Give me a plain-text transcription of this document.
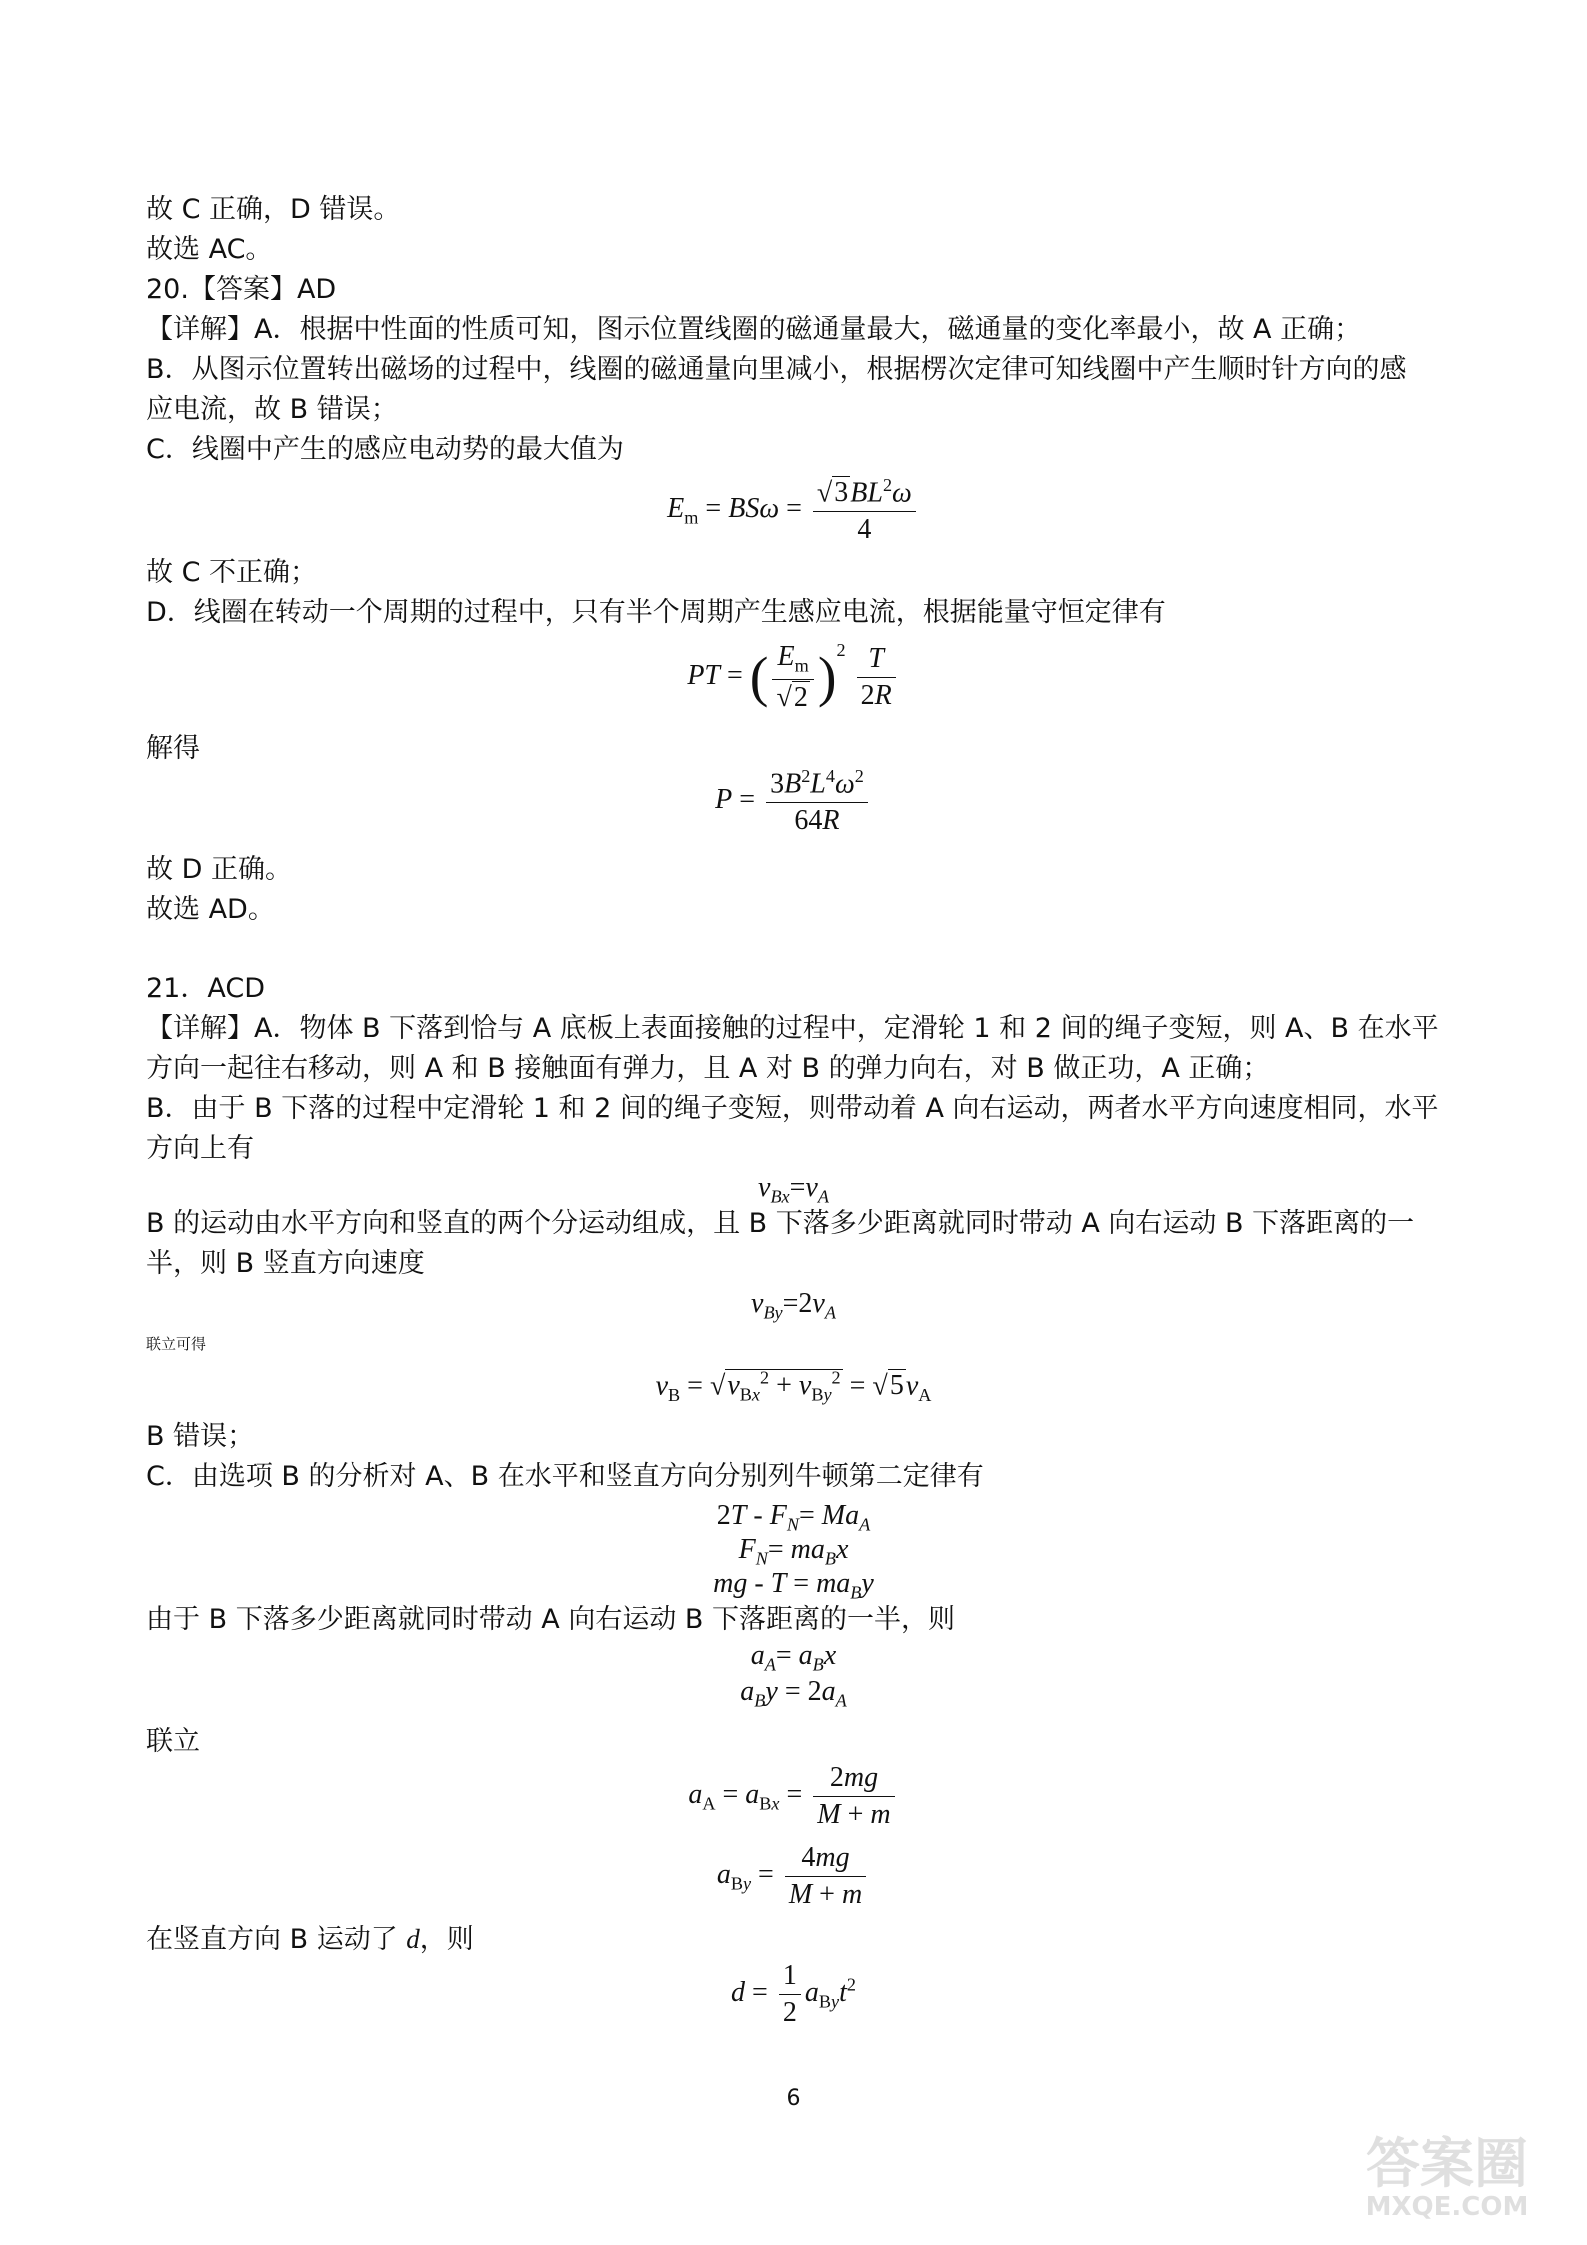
故 C 正确，D 错误。
故选 AC。
20.【答案】AD
【详解】A．根据中性面的性质可知，图示位置线圈的磁通量最大，磁通量的变化率最小，故 A 正确；
B．从图示位置转出磁场的过程中，线圈的磁通量向里减小，根据楞次定律可知线圈中产生顺时针方向的感
应电流，故 B 错误；
C．线圈中产生的感应电动势的最大值为
$E_m = BS\omega = \frac{√3BL^2\omega}{4}$
故 C 不正确；
D．线圈在转动一个周期的过程中，只有半个周期产生感应电流，根据能量守恒定律有
PT = ( $\frac{E_m}{√2} )^2 \frac{T}{2R}$
解得
$P = \frac{3B^2L^4\omega^2}{64R}$
故 D 正确。
故选 AD。
21．ACD
【详解】A．物体 B 下落到恰与 A 底板上表面接触的过程中，定滑轮 1 和 2 间的绳子变短，则 A、B 在水平
方向一起往右移动，则 A 和 B 接触面有弹力，且 A 对 B 的弹力向右，对 B 做正功，A 正确；
B．由于 B 下落的过程中定滑轮 1 和 2 间的绳子变短，则带动着 A 向右运动，两者水平方向速度相同，水平
方向上有
$v_{Bx}=v_A$
B 的运动由水平方向和竖直的两个分运动组成，且 B 下落多少距离就同时带动 A 向右运动 B 下落距离的一
半，则 B 竖直方向速度
$v_{By}=2v_A$
联立可得
$v_B = √v_{Bx}^2 + v_{By}^2 = √5v_A$
B 错误；
C．由选项 B 的分析对 A、B 在水平和竖直方向分别列牛顿第二定律有
$2T - F_N= Ma_A$
$F_N= ma_Bx$
mg - $T = ma_By$
由于 B 下落多少距离就同时带动 A 向右运动 B 下落距离的一半，则
$a_A= a_Bx$
$a_By = 2a_A$
联立
$a_A = a_{Bx} = \frac{2mg}{M + m}$
$a_{By} = \frac{4mg}{M + m}$
在竖直方向 B 运动了 d，则
$d = \frac{1}{2} a_{By}t^2$
6
答案圈
MXQE.COM
